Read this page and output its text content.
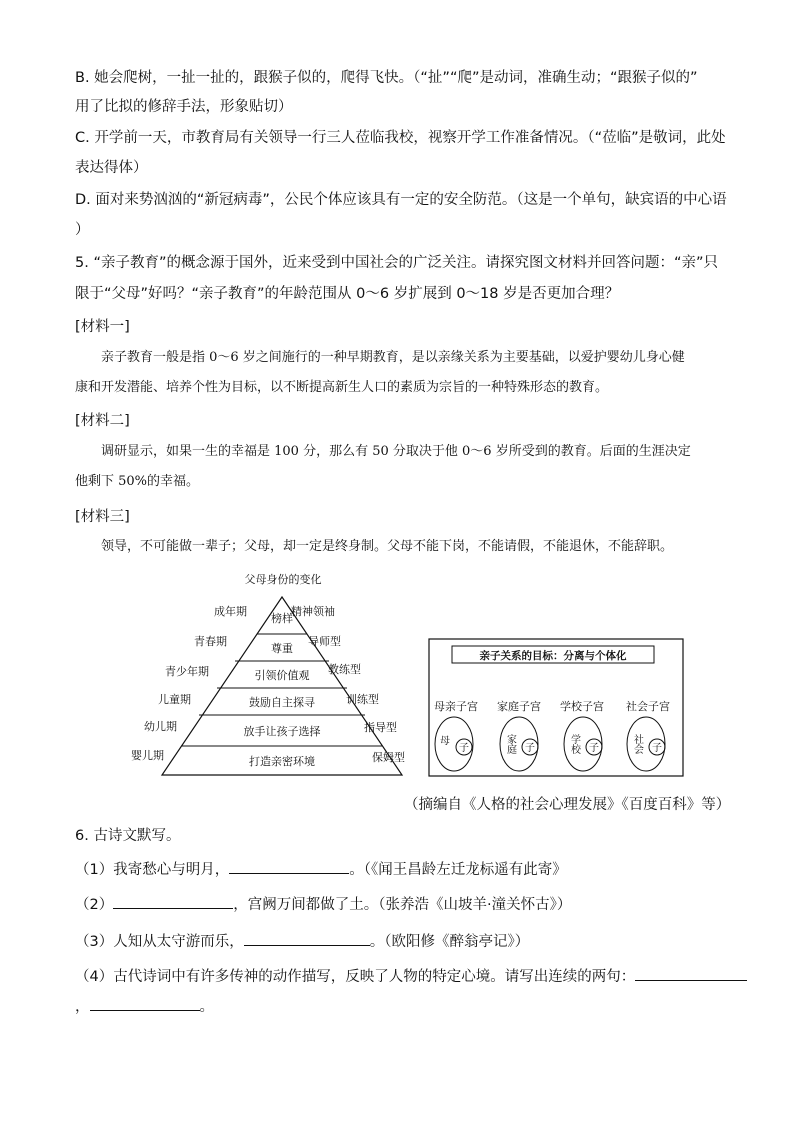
B. 她会爬树，一扯一扯的，跟猴子似的，爬得飞快。（“扯”“爬”是动词，准确生动；“跟猴子似的”
用了比拟的修辞手法，形象贴切）
C. 开学前一天，市教育局有关领导一行三人莅临我校，视察开学工作准备情况。（“莅临”是敬词，此处
表达得体）
D. 面对来势汹汹的“新冠病毒”，公民个体应该具有一定的安全防范。（这是一个单句，缺宾语的中心语
）
5. “亲子教育”的概念源于国外，近来受到中国社会的广泛关注。请探究图文材料并回答问题：“亲”只
限于“父母”好吗？“亲子教育”的年龄范围从 0～6 岁扩展到 0～18 岁是否更加合理？
[材料一]
亲子教育一般是指 0～6 岁之间施行的一种早期教育，是以亲缘关系为主要基础，以爱护婴幼儿身心健
康和开发潜能、培养个性为目标，以不断提高新生人口的素质为宗旨的一种特殊形态的教育。
[材料二]
调研显示，如果一生的幸福是 100 分，那么有 50 分取决于他 0～6 岁所受到的教育。后面的生涯决定
他剩下 50%的幸福。
[材料三]
领导，不可能做一辈子；父母，却一定是终身制。父母不能下岗，不能请假，不能退休，不能辞职。
父母身份的变化
榜样
尊重
引领价值观
鼓励自主探寻
放手让孩子选择
打造亲密环境
成年期
青春期
青少年期
儿童期
幼儿期
婴儿期
精神领袖
导师型
教练型
训练型
指导型
保姆型
亲子关系的目标：分离与个体化
母亲子宫 家庭子宫 学校子宫 社会子宫
母
子	家庭 子	学校 子	社会 子
（摘编自《人格的社会心理发展》《百度百科》等）
6. 古诗文默写。
（1）我寄愁心与明月，	。（《闻王昌龄左迁龙标遥有此寄》
（2）	，宫阙万间都做了土。（张养浩《山坡羊·潼关怀古》）
（3）人知从太守游而乐，	。（欧阳修《醉翁亭记》）
（4）古代诗词中有许多传神的动作描写，反映了人物的特定心境。请写出连续的两句：
，	。
